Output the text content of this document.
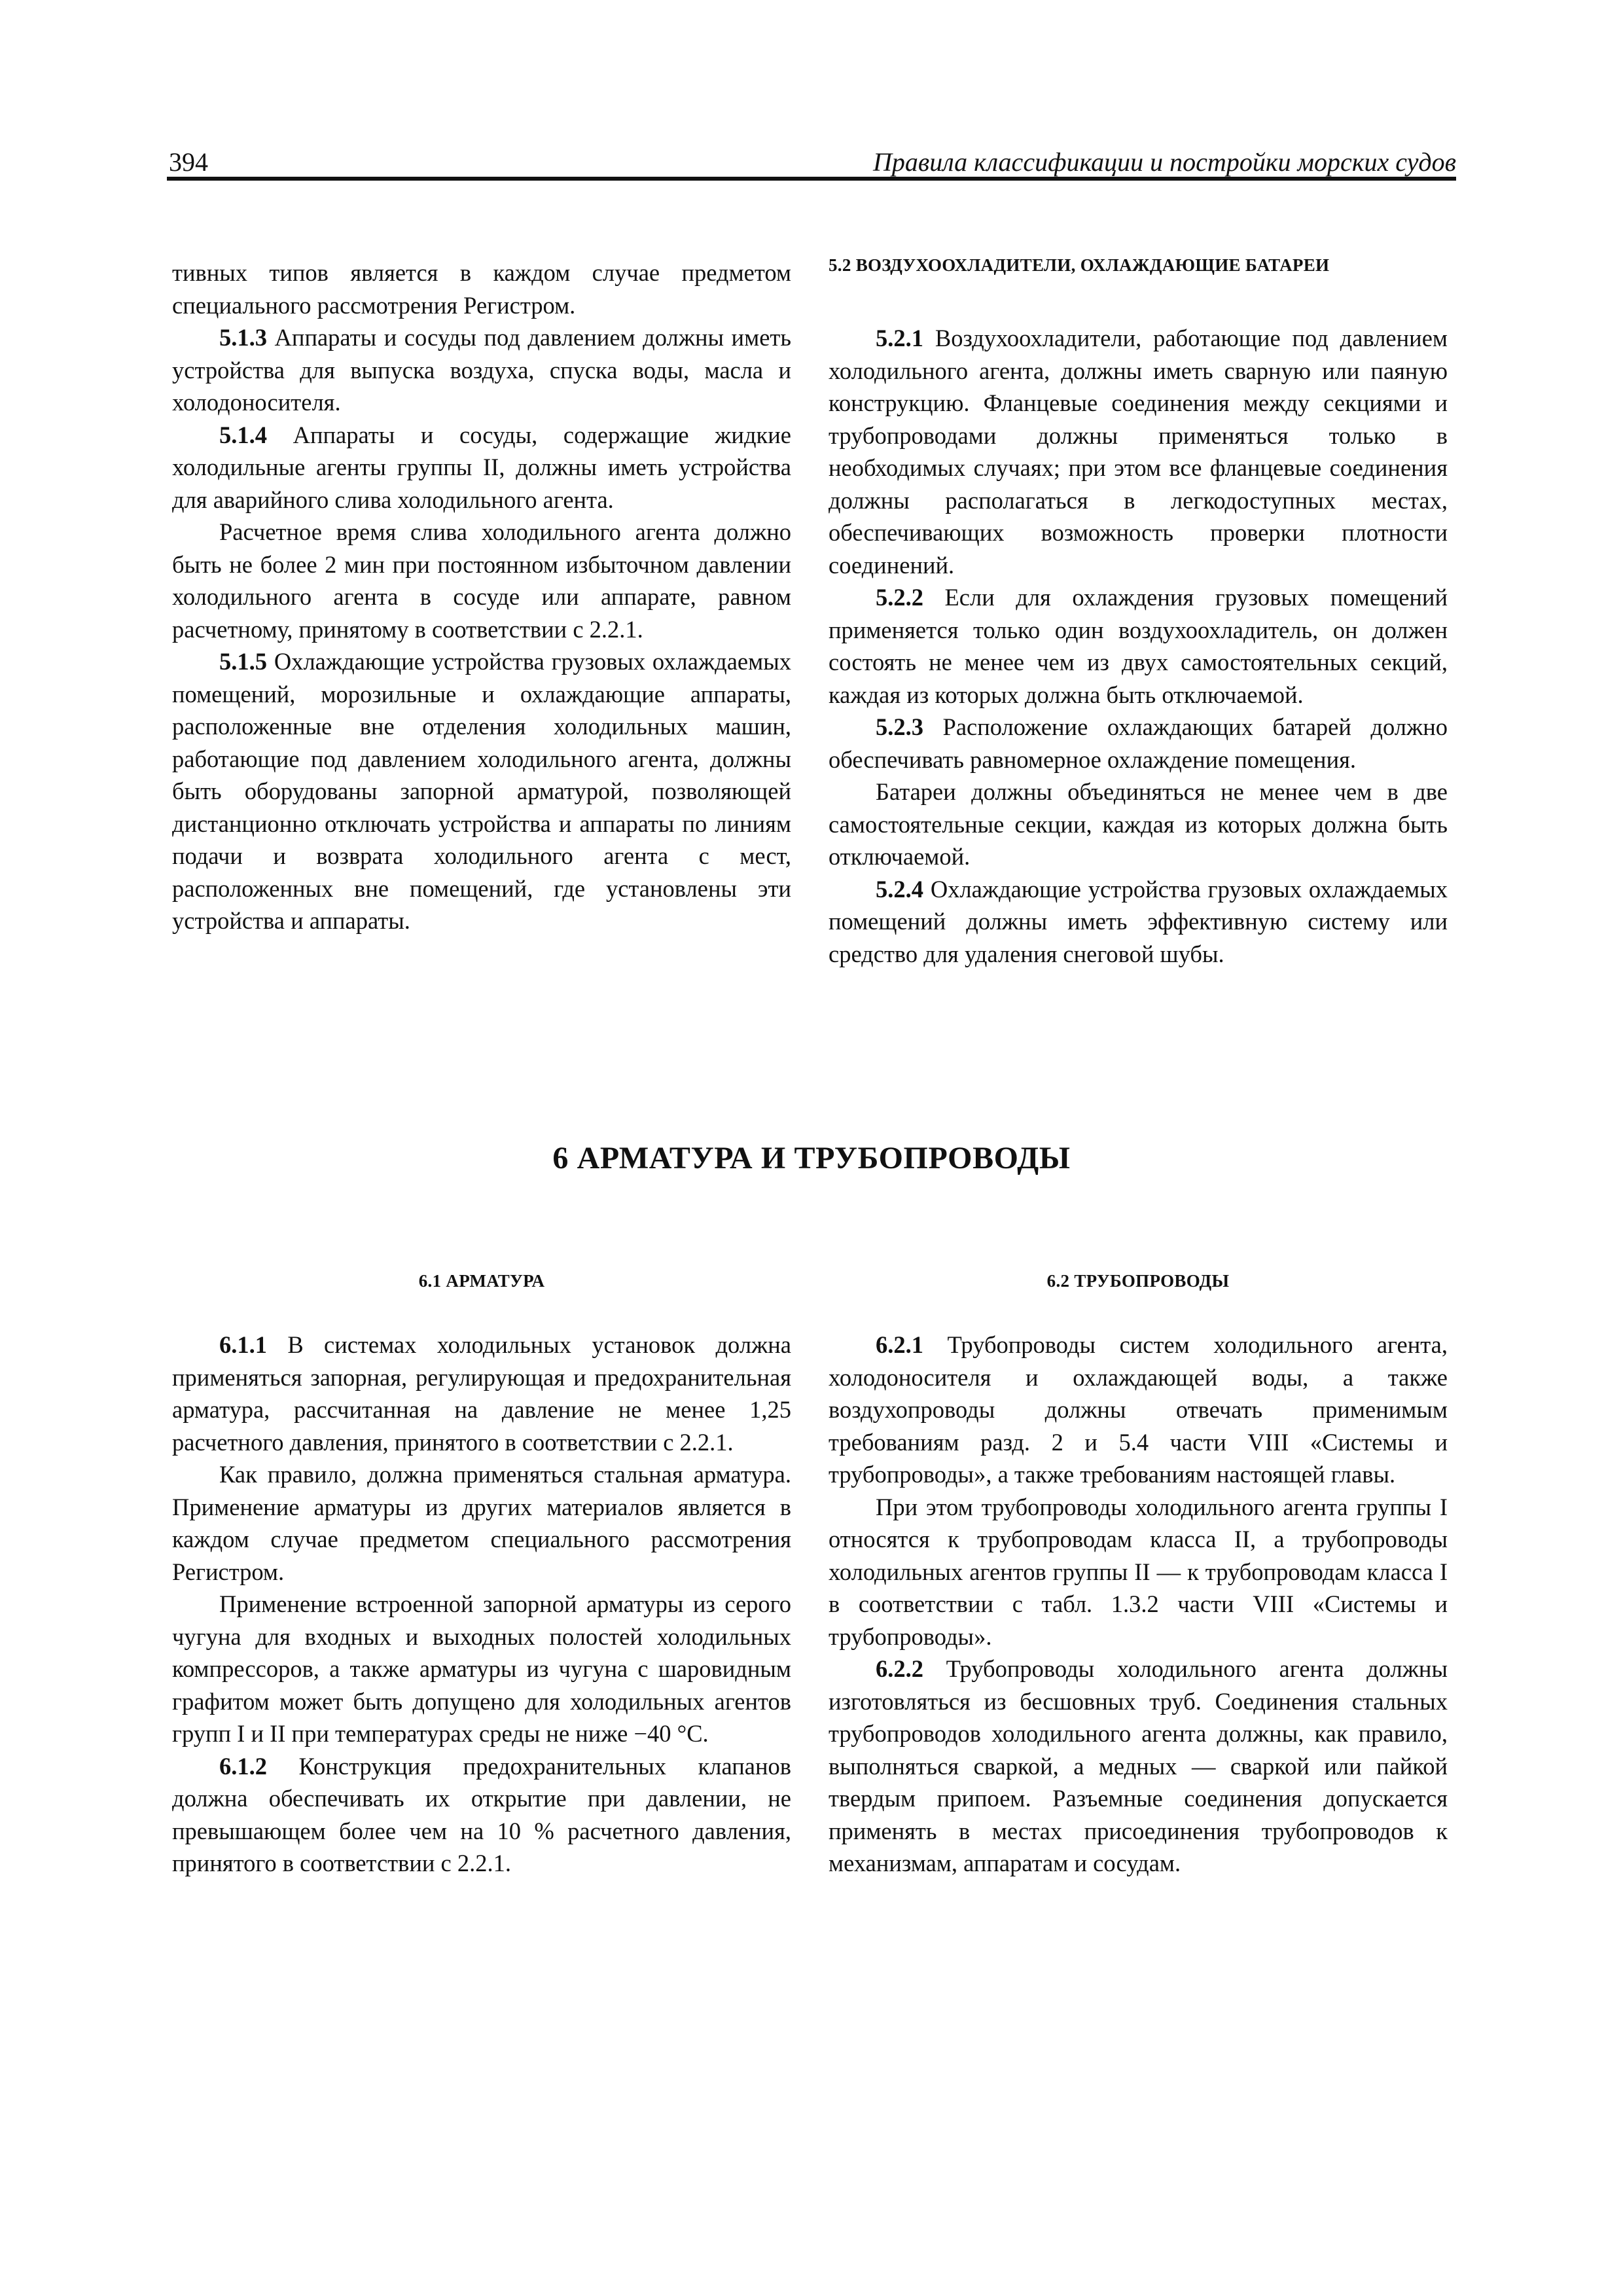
394	Правила классификации и постройки морских судов

тивных типов является в каждом случае предметом специального рассмотрения Регистром.

5.1.3 Аппараты и сосуды под давлением должны иметь устройства для выпуска воздуха, спуска воды, масла и холодоносителя.

5.1.4 Аппараты и сосуды, содержащие жидкие холодильные агенты группы II, должны иметь устройства для аварийного слива холодильного агента.

Расчетное время слива холодильного агента должно быть не более 2 мин при постоянном избыточном давлении холодильного агента в сосуде или аппарате, равном расчетному, принятому в соответствии с 2.2.1.

5.1.5 Охлаждающие устройства грузовых охлаждаемых помещений, морозильные и охлаждающие аппараты, расположенные вне отделения холодильных машин, работающие под давлением холодильного агента, должны быть оборудованы запорной арматурой, позволяющей дистанционно отключать устройства и аппараты по линиям подачи и возврата холодильного агента с мест, расположенных вне помещений, где установлены эти устройства и аппараты.

5.2 ВОЗДУХООХЛАДИТЕЛИ, ОХЛАЖДАЮЩИЕ БАТАРЕИ

5.2.1 Воздухоохладители, работающие под давлением холодильного агента, должны иметь сварную или паяную конструкцию. Фланцевые соединения между секциями и трубопроводами должны применяться только в необходимых случаях; при этом все фланцевые соединения должны располагаться в легкодоступных местах, обеспечивающих возможность проверки плотности соединений.

5.2.2 Если для охлаждения грузовых помещений применяется только один воздухоохладитель, он должен состоять не менее чем из двух самостоятельных секций, каждая из которых должна быть отключаемой.

5.2.3 Расположение охлаждающих батарей должно обеспечивать равномерное охлаждение помещения.

Батареи должны объединяться не менее чем в две самостоятельные секции, каждая из которых должна быть отключаемой.

5.2.4 Охлаждающие устройства грузовых охлаждаемых помещений должны иметь эффективную систему или средство для удаления снеговой шубы.

6 АРМАТУРА И ТРУБОПРОВОДЫ
6.1 АРМАТУРА

6.1.1 В системах холодильных установок должна применяться запорная, регулирующая и предохранительная арматура, рассчитанная на давление не менее 1,25 расчетного давления, принятого в соответствии с 2.2.1.

Как правило, должна применяться стальная арматура. Применение арматуры из других материалов является в каждом случае предметом специального рассмотрения Регистром.

Применение встроенной запорной арматуры из серого чугуна для входных и выходных полостей холодильных компрессоров, а также арматуры из чугуна с шаровидным графитом может быть допущено для холодильных агентов групп I и II при температурах среды не ниже −40 °С.

6.1.2 Конструкция предохранительных клапанов должна обеспечивать их открытие при давлении, не превышающем более чем на 10 % расчетного давления, принятого в соответствии с 2.2.1.

6.2 ТРУБОПРОВОДЫ

6.2.1 Трубопроводы систем холодильного агента, холодоносителя и охлаждающей воды, а также воздухопроводы должны отвечать применимым требованиям разд. 2 и 5.4 части VIII «Системы и трубопроводы», а также требованиям настоящей главы.

При этом трубопроводы холодильного агента группы I относятся к трубопроводам класса II, а трубопроводы холодильных агентов группы II — к трубопроводам класса I в соответствии с табл. 1.3.2 части VIII «Системы и трубопроводы».

6.2.2 Трубопроводы холодильного агента должны изготовляться из бесшовных труб. Соединения стальных трубопроводов холодильного агента должны, как правило, выполняться сваркой, а медных — сваркой или пайкой твердым припоем. Разъемные соединения допускается применять в местах присоединения трубопроводов к механизмам, аппаратам и сосудам.
